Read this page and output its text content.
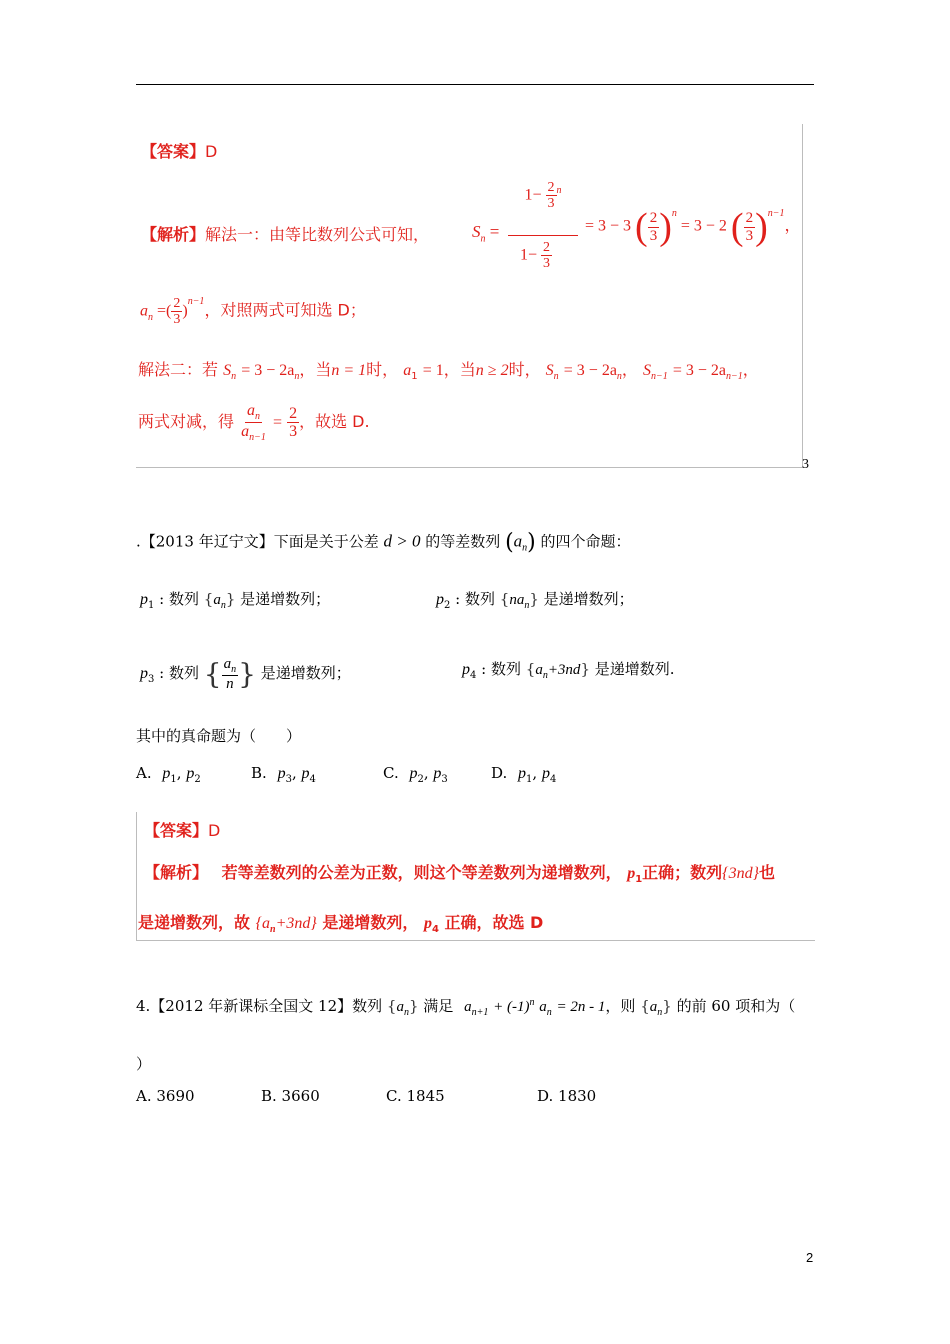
【答案】D
【解析】解法一：由等比数列公式可知，	$S_n$ =
$1- \frac{2}{3} ^n$
$1- \frac{2}{3}$
= 3 − 3 ( $\frac{2}{3} )^n = 3 - 2$ ( $\frac{2}{3} )^{n-1}$，
$a_n$ =( $\frac{2}{3} )^{n-1}$，对照两式可知选 D；
解法二：若 $S_n = 3 - 2a_n$，当n = 1时， $a_1 = 1$，当n ≥ 2时， $S_n = 3 - 2a_n$， $S_{n-1} = 3 - 2a_{n-1}$，
两式对减，得 $\frac{a_n}{a_{n-1}} = \frac{2}{3}$ ，故选 D.
3
.【2013 年辽宁文】下面是关于公差 d > 0 的等差数列 $(a_n)$ 的四个命题：
$p_1$ : 数列 $\{a_n\}$ 是递增数列；	$p_2$ : 数列 $\{na_n\}$ 是递增数列；
$p_3$ : 数列 { $\frac{a_n}{n}$ } 是递增数列；	$p_4$ : 数列 $\{a_n+3nd\}$ 是递增数列.
其中的真命题为（　　）
A. $p_1$, $p_2$	B. $p_3$, $p_4$	C. $p_2$, $p_3$	D. $p_1$, $p_4$
【答案】D
【解析】 若等差数列的公差为正数，则这个等差数列为递增数列， $p_1$正确；数列{3nd}也
是递增数列，故 $\{a_n+3nd\}$ 是递增数列， $p_4$ 正确，故选 D
4.【2012 年新课标全国文 12】数列 $\{a_n\}$ 满足 $a_{n+1} + (-1)^n$ $a_n = 2n - 1$，则 $\{a_n\}$ 的前 60 项和为（
）
A. 3690	B. 3660	C. 1845	D. 1830
2
